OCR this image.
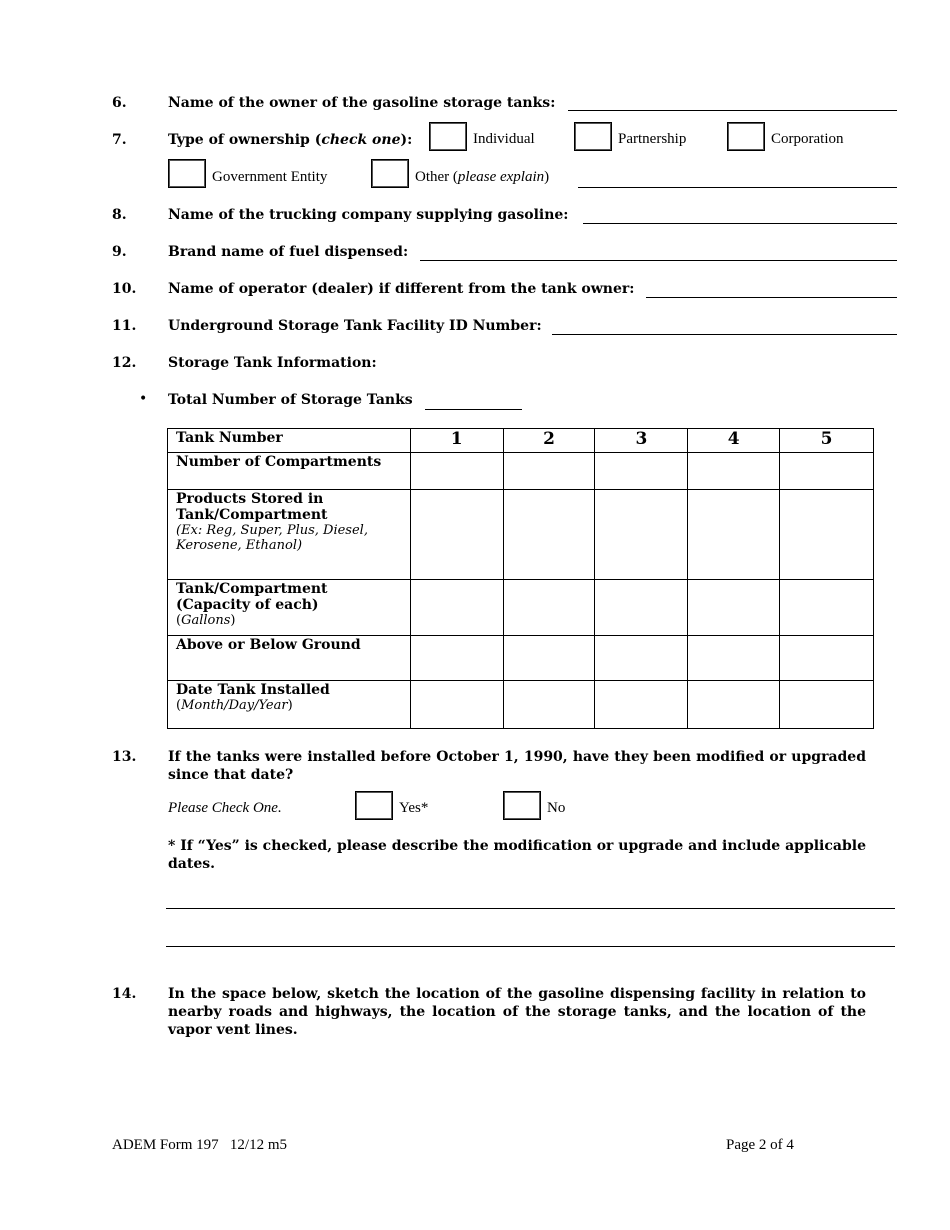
6.	Name of the owner of the gasoline storage tanks:
7.	Type of ownership (check one):	Individual	Partnership	Corporation
Government Entity	Other (please explain)
8.	Name of the trucking company supplying gasoline:
9.	Brand name of fuel dispensed:
10. Name of operator (dealer) if different from the tank owner:
11. Underground Storage Tank Facility ID Number:
12. Storage Tank Information:
• Total Number of Storage Tanks
Tank Number	1	2	3	4	5
Number of Compartments					

Products Stored in Tank/Compartment
(Ex: Reg, Super, Plus, Diesel, Kerosene, Ethanol)					

Tank/Compartment (Capacity of each)
(Gallons)					

Above or Below Ground					

Date Tank Installed
(Month/Day/Year)					

13. If the tanks were installed before October 1, 1990, have they been modified or upgraded since that date?
Please Check One.	Yes*	No
* If “Yes” is checked, please describe the modification or upgrade and include applicable dates.
14. In the space below, sketch the location of the gasoline dispensing facility in relation to nearby roads and highways, the location of the storage tanks, and the location of the vapor vent lines.
ADEM Form 197   12/12 m5	Page 2 of 4
